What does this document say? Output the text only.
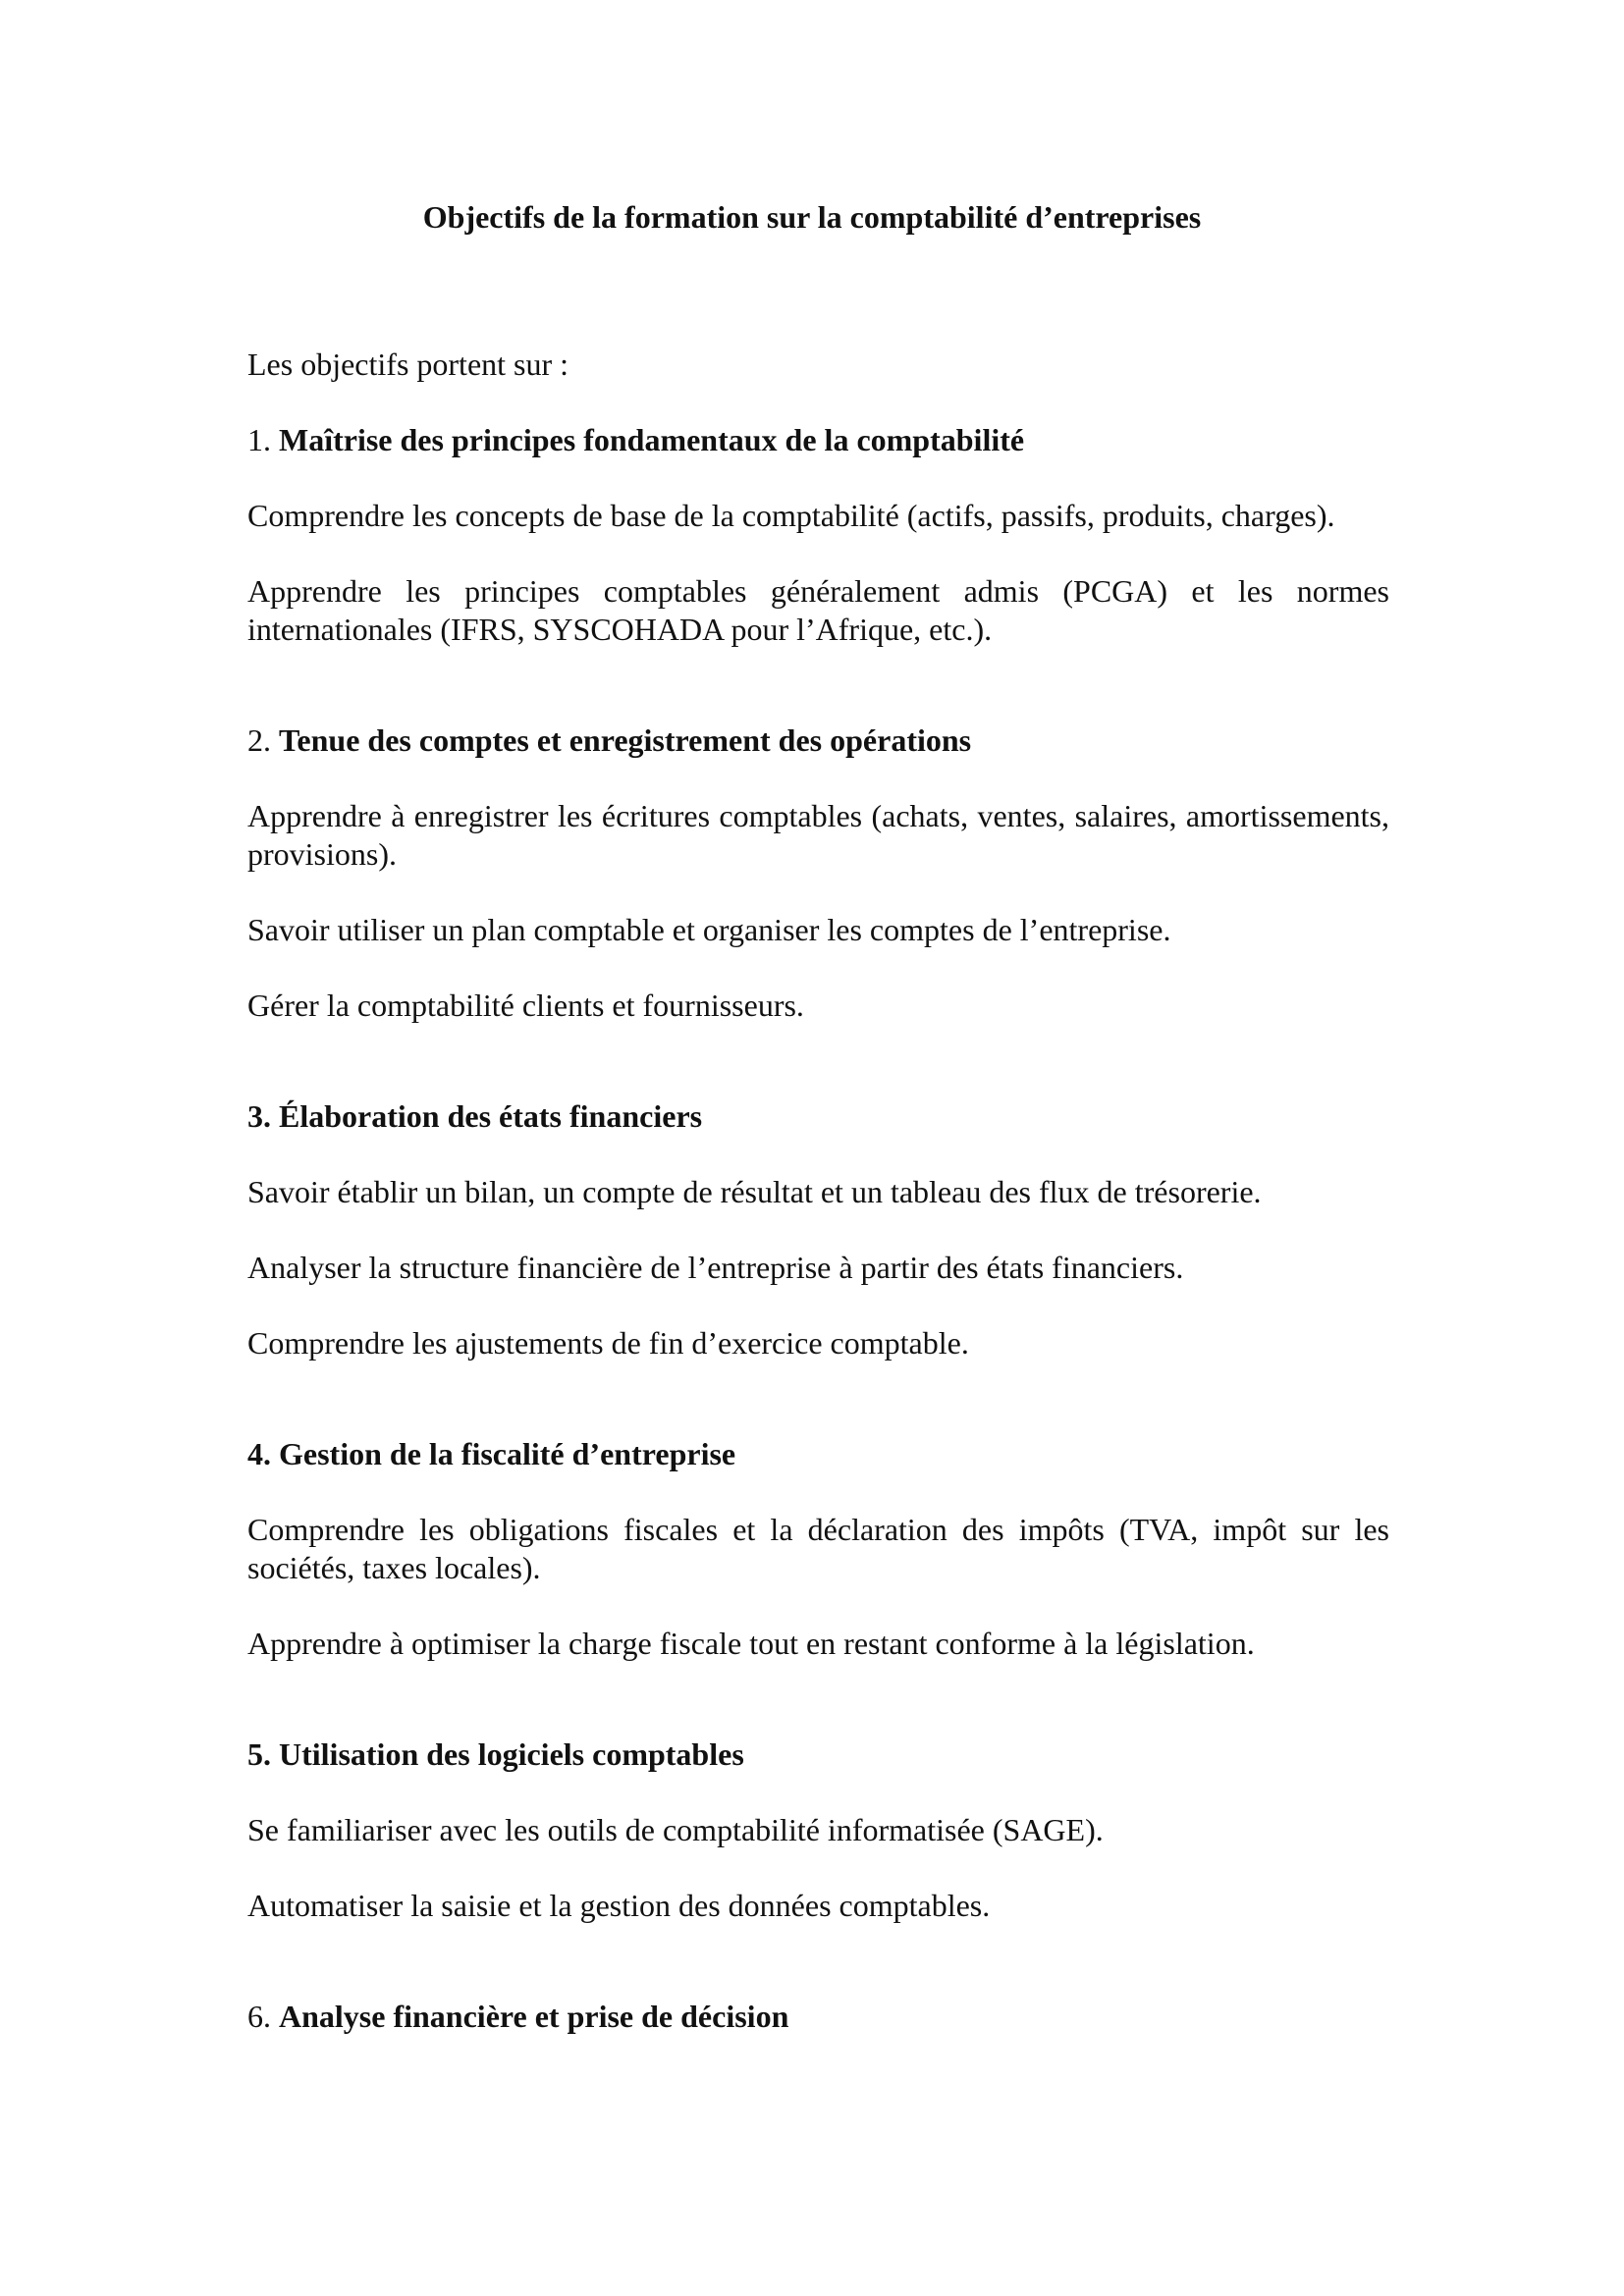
Objectifs de la formation sur la comptabilité d’entreprises

Les objectifs portent sur :

1. Maîtrise des principes fondamentaux de la comptabilité

Comprendre les concepts de base de la comptabilité (actifs, passifs, produits, charges).

Apprendre les principes comptables généralement admis (PCGA) et les normes internationales (IFRS, SYSCOHADA pour l’Afrique, etc.).

2. Tenue des comptes et enregistrement des opérations

Apprendre à enregistrer les écritures comptables (achats, ventes, salaires, amortissements, provisions).

Savoir utiliser un plan comptable et organiser les comptes de l’entreprise.

Gérer la comptabilité clients et fournisseurs.

3. Élaboration des états financiers

Savoir établir un bilan, un compte de résultat et un tableau des flux de trésorerie.

Analyser la structure financière de l’entreprise à partir des états financiers.

Comprendre les ajustements de fin d’exercice comptable.

4. Gestion de la fiscalité d’entreprise

Comprendre les obligations fiscales et la déclaration des impôts (TVA, impôt sur les sociétés, taxes locales).

Apprendre à optimiser la charge fiscale tout en restant conforme à la législation.

5. Utilisation des logiciels comptables

Se familiariser avec les outils de comptabilité informatisée (SAGE).

Automatiser la saisie et la gestion des données comptables.

6. Analyse financière et prise de décision
